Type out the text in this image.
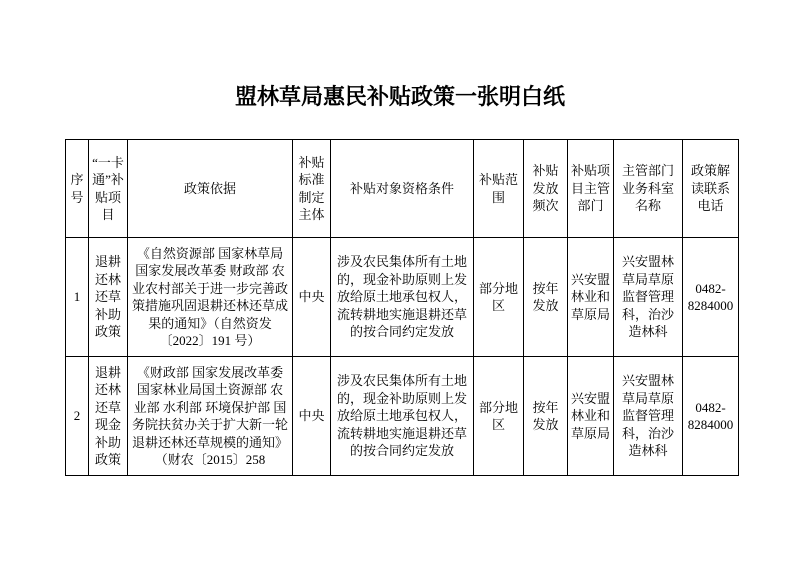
盟林草局惠民补贴政策一张明白纸
序号	“一卡通”补贴项目	政策依据	补贴标准制定主体	补贴对象资格条件	补贴范围	补贴发放频次	补贴项目主管部门	主管部门业务科室名称	政策解读联系电话
1	退耕还林还草补助政策	《自然资源部 国家林草局 国家发展改革委 财政部 农业农村部关于进一步完善政策措施巩固退耕还林还草成果的通知》（自然资发〔2022〕191 号）	中央	涉及农民集体所有土地的，现金补助原则上发放给原土地承包权人，流转耕地实施退耕还草的按合同约定发放	部分地区	按年发放	兴安盟林业和草原局	兴安盟林草局草原监督管理科，治沙造林科	0482-8284000
2	退耕还林还草现金补助政策	《财政部 国家发展改革委 国家林业局国土资源部 农业部 水利部 环境保护部 国务院扶贫办关于扩大新一轮退耕还林还草规模的通知》（财农〔2015〕258	中央	涉及农民集体所有土地的，现金补助原则上发放给原土地承包权人，流转耕地实施退耕还草的按合同约定发放	部分地区	按年发放	兴安盟林业和草原局	兴安盟林草局草原监督管理科，治沙造林科	0482-8284000
